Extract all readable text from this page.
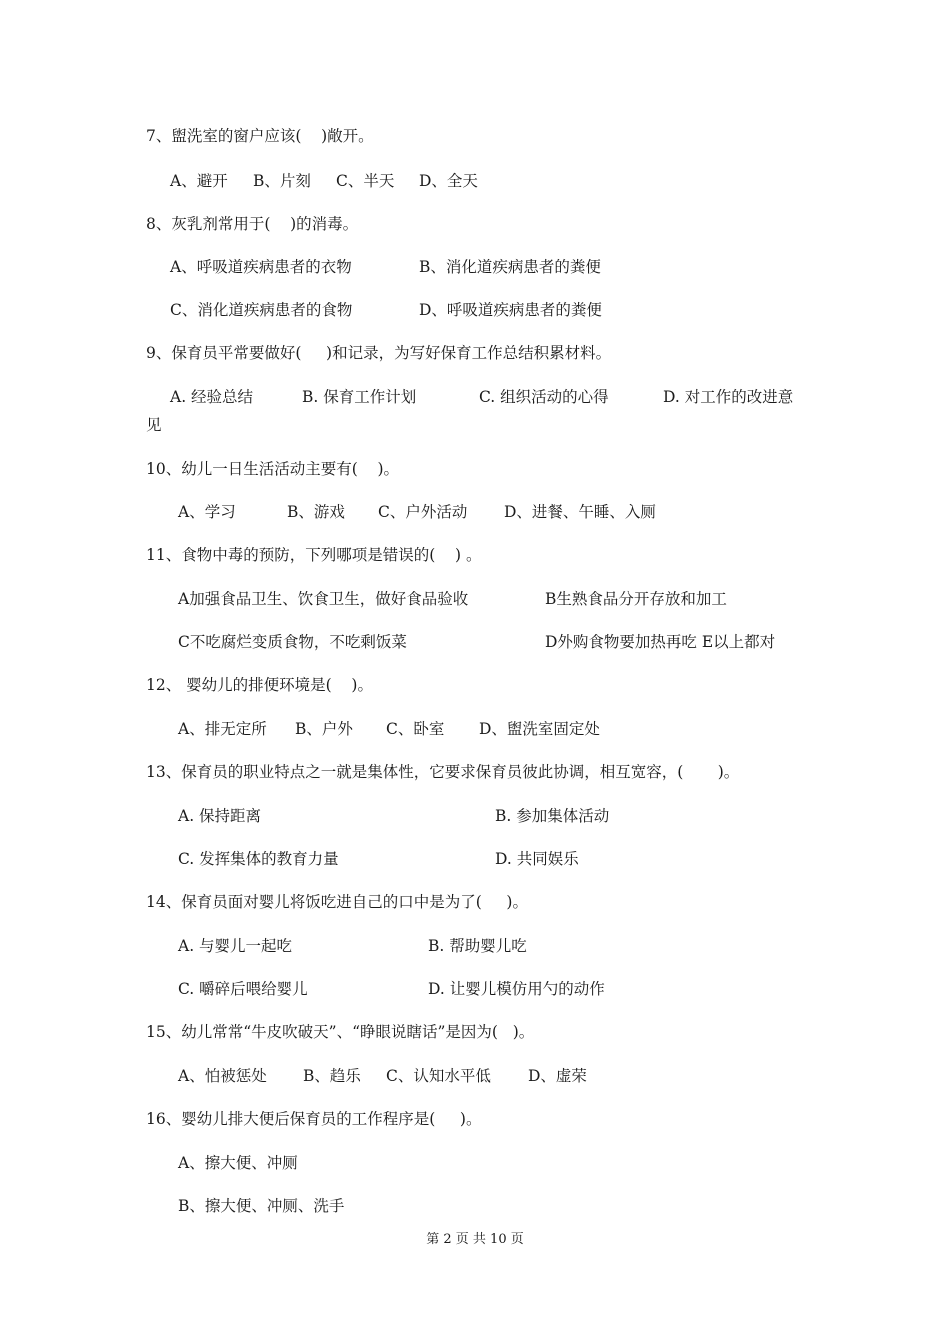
7、盥洗室的窗户应该(    )敞开。
A、避开 B、片刻 C、半天 D、全天
8、灰乳剂常用于(    )的消毒。
A、呼吸道疾病患者的衣物	B、消化道疾病患者的粪便
C、消化道疾病患者的食物	D、呼吸道疾病患者的粪便
9、保育员平常要做好(     )和记录，为写好保育工作总结积累材料。
A. 经验总结	B. 保育工作计划	C. 组织活动的心得	D. 对工作的改进意
见
10、幼儿一日生活活动主要有(    )。
A、学习	B、游戏 C、户外活动 D、进餐、午睡、入厕
11、食物中毒的预防，下列哪项是错误的(    ) 。
A加强食品卫生、饮食卫生，做好食品验收	B生熟食品分开存放和加工
C不吃腐烂变质食物，不吃剩饭菜	D外购食物要加热再吃 E以上都对
12、 婴幼儿的排便环境是(    )。
A、排无定所 B、户外 C、卧室 D、盥洗室固定处
13、保育员的职业特点之一就是集体性，它要求保育员彼此协调，相互宽容，(       )。
A. 保持距离	B. 参加集体活动
C. 发挥集体的教育力量	D. 共同娱乐
14、保育员面对婴儿将饭吃进自己的口中是为了(     )。
A. 与婴儿一起吃	B. 帮助婴儿吃
C. 嚼碎后喂给婴儿	D. 让婴儿模仿用勺的动作
15、幼儿常常“牛皮吹破天”、“睁眼说瞎话”是因为(   )。
A、怕被惩处 B、趋乐 C、认知水平低 D、虚荣
16、婴幼儿排大便后保育员的工作程序是(     )。
A、擦大便、冲厕
B、擦大便、冲厕、洗手
第 2 页 共 10 页
